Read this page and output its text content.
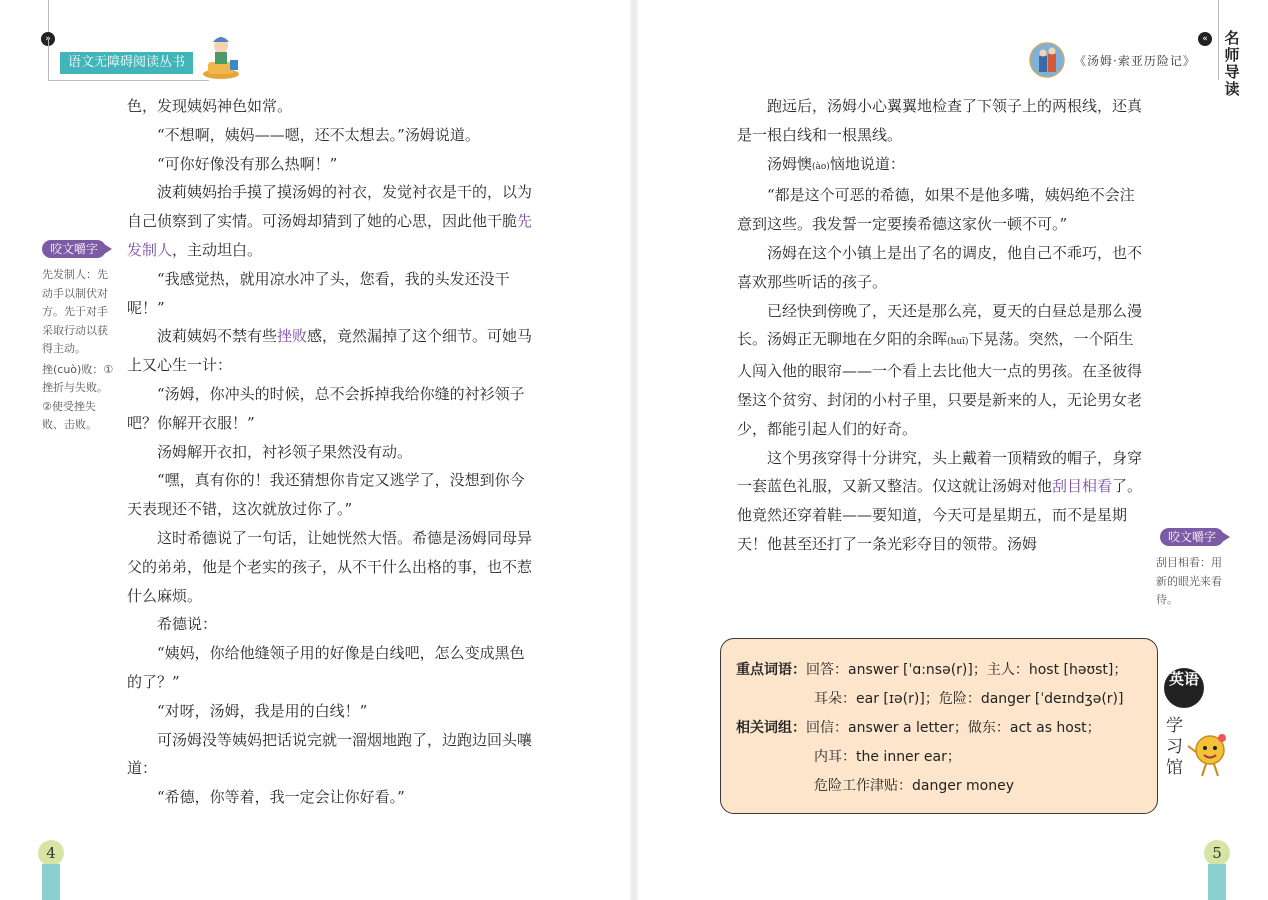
»
语文无障碍阅读丛书

色，发现姨妈神色如常。

“不想啊，姨妈——嗯，还不太想去。”汤姆说道。

“可你好像没有那么热啊！”

波莉姨妈抬手摸了摸汤姆的衬衣，发觉衬衣是干的，以为自己侦察到了实情。可汤姆却猜到了她的心思，因此他干脆先发制人，主动坦白。

“我感觉热，就用凉水冲了头，您看，我的头发还没干呢！”

波莉姨妈不禁有些挫败感，竟然漏掉了这个细节。可她马上又心生一计：

“汤姆，你冲头的时候，总不会拆掉我给你缝的衬衫领子吧？你解开衣服！”

汤姆解开衣扣，衬衫领子果然没有动。

“嘿，真有你的！我还猜想你肯定又逃学了，没想到你今天表现还不错，这次就放过你了。”

这时希德说了一句话，让她恍然大悟。希德是汤姆同母异父的弟弟，他是个老实的孩子，从不干什么出格的事，也不惹什么麻烦。

希德说：

“姨妈，你给他缝领子用的好像是白线吧，怎么变成黑色的了？”

“对呀，汤姆，我是用的白线！”

可汤姆没等姨妈把话说完就一溜烟地跑了，边跑边回头嚷道：

“希德，你等着，我一定会让你好看。”

咬文嚼字

先发制人：先动手以制伏对方。先于对手采取行动以获得主动。

挫(cuò)败：①挫折与失败。②使受挫失败、击败。

4
《汤姆·索亚历险记》
« 名师导读

跑远后，汤姆小心翼翼地检查了下领子上的两根线，还真是一根白线和一根黑线。

汤姆懊(ào)恼地说道：

“都是这个可恶的希德，如果不是他多嘴，姨妈绝不会注意到这些。我发誓一定要揍希德这家伙一顿不可。”

汤姆在这个小镇上是出了名的调皮，他自己不乖巧，也不喜欢那些听话的孩子。

已经快到傍晚了，天还是那么亮，夏天的白昼总是那么漫长。汤姆正无聊地在夕阳的余晖(huī)下晃荡。突然，一个陌生人闯入他的眼帘——一个看上去比他大一点的男孩。在圣彼得堡这个贫穷、封闭的小村子里，只要是新来的人，无论男女老少，都能引起人们的好奇。

这个男孩穿得十分讲究，头上戴着一顶精致的帽子，身穿一套蓝色礼服，又新又整洁。仅这就让汤姆对他刮目相看了。他竟然还穿着鞋——要知道，今天可是星期五，而不是星期天！他甚至还打了一条光彩夺目的领带。汤姆	咬文嚼字
刮目相看：用新的眼光来看待。
重点词语：回答：answer [ˈɑ:nsə(r)]；主人：host [həʊst]；
耳朵：ear [ɪə(r)]；危险：danger [ˈdeɪndʒə(r)]
相关词组：回信：answer a letter；做东：act as host；
内耳：the inner ear；
危险工作津贴：danger money
英语
学习馆
5
